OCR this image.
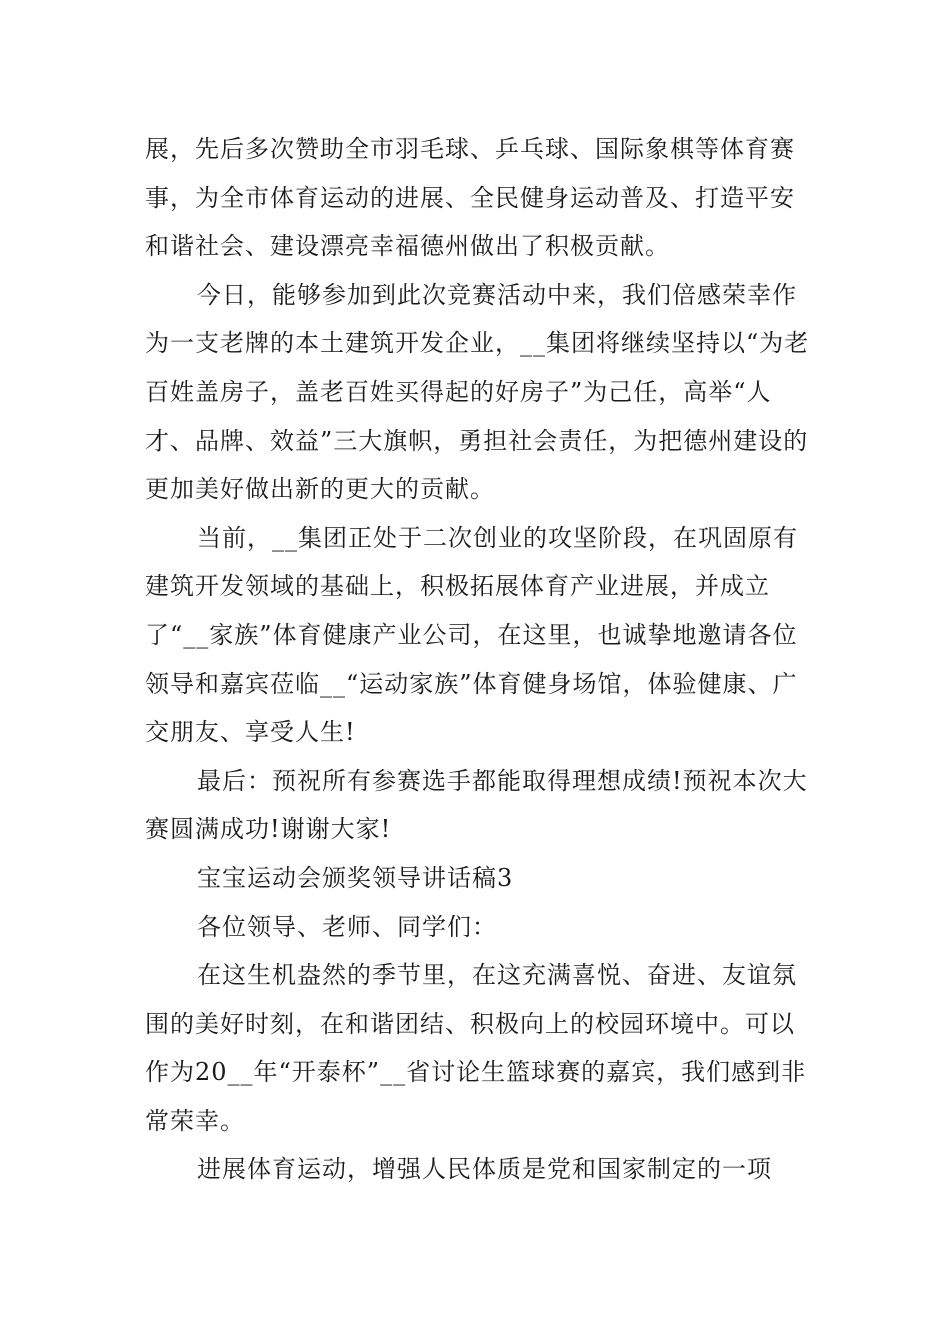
展，先后多次赞助全市羽毛球、乒乓球、国际象棋等体育赛事，为全市体育运动的进展、全民健身运动普及、打造平安和谐社会、建设漂亮幸福德州做出了积极贡献。

今日，能够参加到此次竞赛活动中来，我们倍感荣幸作为一支老牌的本土建筑开发企业，__集团将继续坚持以“为老百姓盖房子，盖老百姓买得起的好房子”为己任，高举“人才、品牌、效益”三大旗帜，勇担社会责任，为把德州建设的更加美好做出新的更大的贡献。

当前，__集团正处于二次创业的攻坚阶段，在巩固原有建筑开发领域的基础上，积极拓展体育产业进展，并成立了“__家族”体育健康产业公司，在这里，也诚挚地邀请各位领导和嘉宾莅临__“运动家族”体育健身场馆，体验健康、广交朋友、享受人生!

最后：预祝所有参赛选手都能取得理想成绩!预祝本次大赛圆满成功!谢谢大家!

宝宝运动会颁奖领导讲话稿3

各位领导、老师、同学们：

在这生机盎然的季节里，在这充满喜悦、奋进、友谊氛围的美好时刻，在和谐团结、积极向上的校园环境中。可以作为20__年“开泰杯”__省讨论生篮球赛的嘉宾，我们感到非常荣幸。

进展体育运动，增强人民体质是党和国家制定的一项
